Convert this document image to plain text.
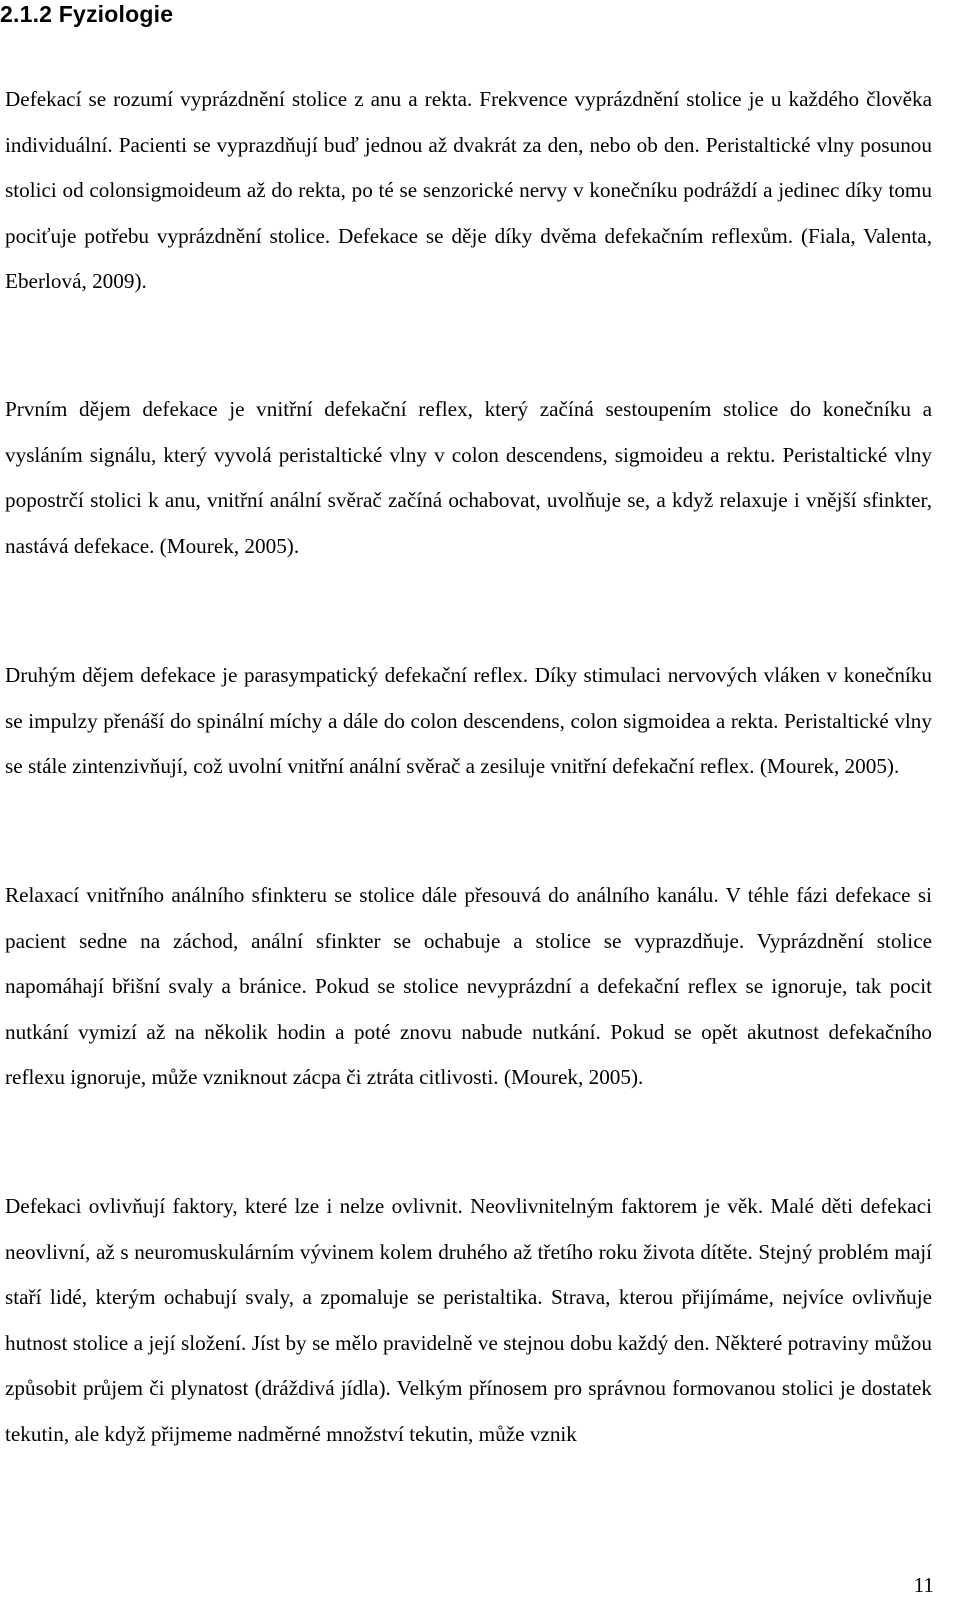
2.1.2 Fyziologie

Defekací se rozumí vyprázdnění stolice z anu a rekta. Frekvence vyprázdnění stolice je u každého člověka individuální. Pacienti se vyprazdňují buď jednou až dvakrát za den, nebo ob den. Peristaltické vlny posunou stolici od colonsigmoideum až do rekta, po té se senzorické nervy v konečníku podráždí a jedinec díky tomu pociťuje potřebu vyprázdnění stolice. Defekace se děje díky dvěma defekačním reflexům. (Fiala, Valenta, Eberlová, 2009).

Prvním dějem defekace je vnitřní defekační reflex, který začíná sestoupením stolice do konečníku a vysláním signálu, který vyvolá peristaltické vlny v colon descendens, sigmoideu a rektu. Peristaltické vlny popostrčí stolici k anu, vnitřní anální svěrač začíná ochabovat, uvolňuje se, a když relaxuje i vnější sfinkter, nastává defekace. (Mourek, 2005).

Druhým dějem defekace je parasympatický defekační reflex. Díky stimulaci nervových vláken v konečníku se impulzy přenáší do spinální míchy a dále do colon descendens, colon sigmoidea a rekta. Peristaltické vlny se stále zintenzivňují, což uvolní vnitřní anální svěrač a zesiluje vnitřní defekační reflex. (Mourek, 2005).

Relaxací vnitřního análního sfinkteru se stolice dále přesouvá do análního kanálu. V téhle fázi defekace si pacient sedne na záchod, anální sfinkter se ochabuje a stolice se vyprazdňuje. Vyprázdnění stolice napomáhají břišní svaly a bránice. Pokud se stolice nevyprázdní a defekační reflex se ignoruje, tak pocit nutkání vymizí až na několik hodin a poté znovu nabude nutkání. Pokud se opět akutnost defekačního reflexu ignoruje, může vzniknout zácpa či ztráta citlivosti. (Mourek, 2005).

Defekaci ovlivňují faktory, které lze i nelze ovlivnit. Neovlivnitelným faktorem je věk. Malé děti defekaci neovlivní, až s neuromuskulárním vývinem kolem druhého až třetího roku života dítěte. Stejný problém mají staří lidé, kterým ochabují svaly, a zpomaluje se peristaltika. Strava, kterou přijímáme, nejvíce ovlivňuje hutnost stolice a její složení. Jíst by se mělo pravidelně ve stejnou dobu každý den. Některé potraviny můžou způsobit průjem či plynatost (dráždivá jídla). Velkým přínosem pro správnou formovanou stolici je dostatek tekutin, ale když přijmeme nadměrné množství tekutin, může vznik

11
